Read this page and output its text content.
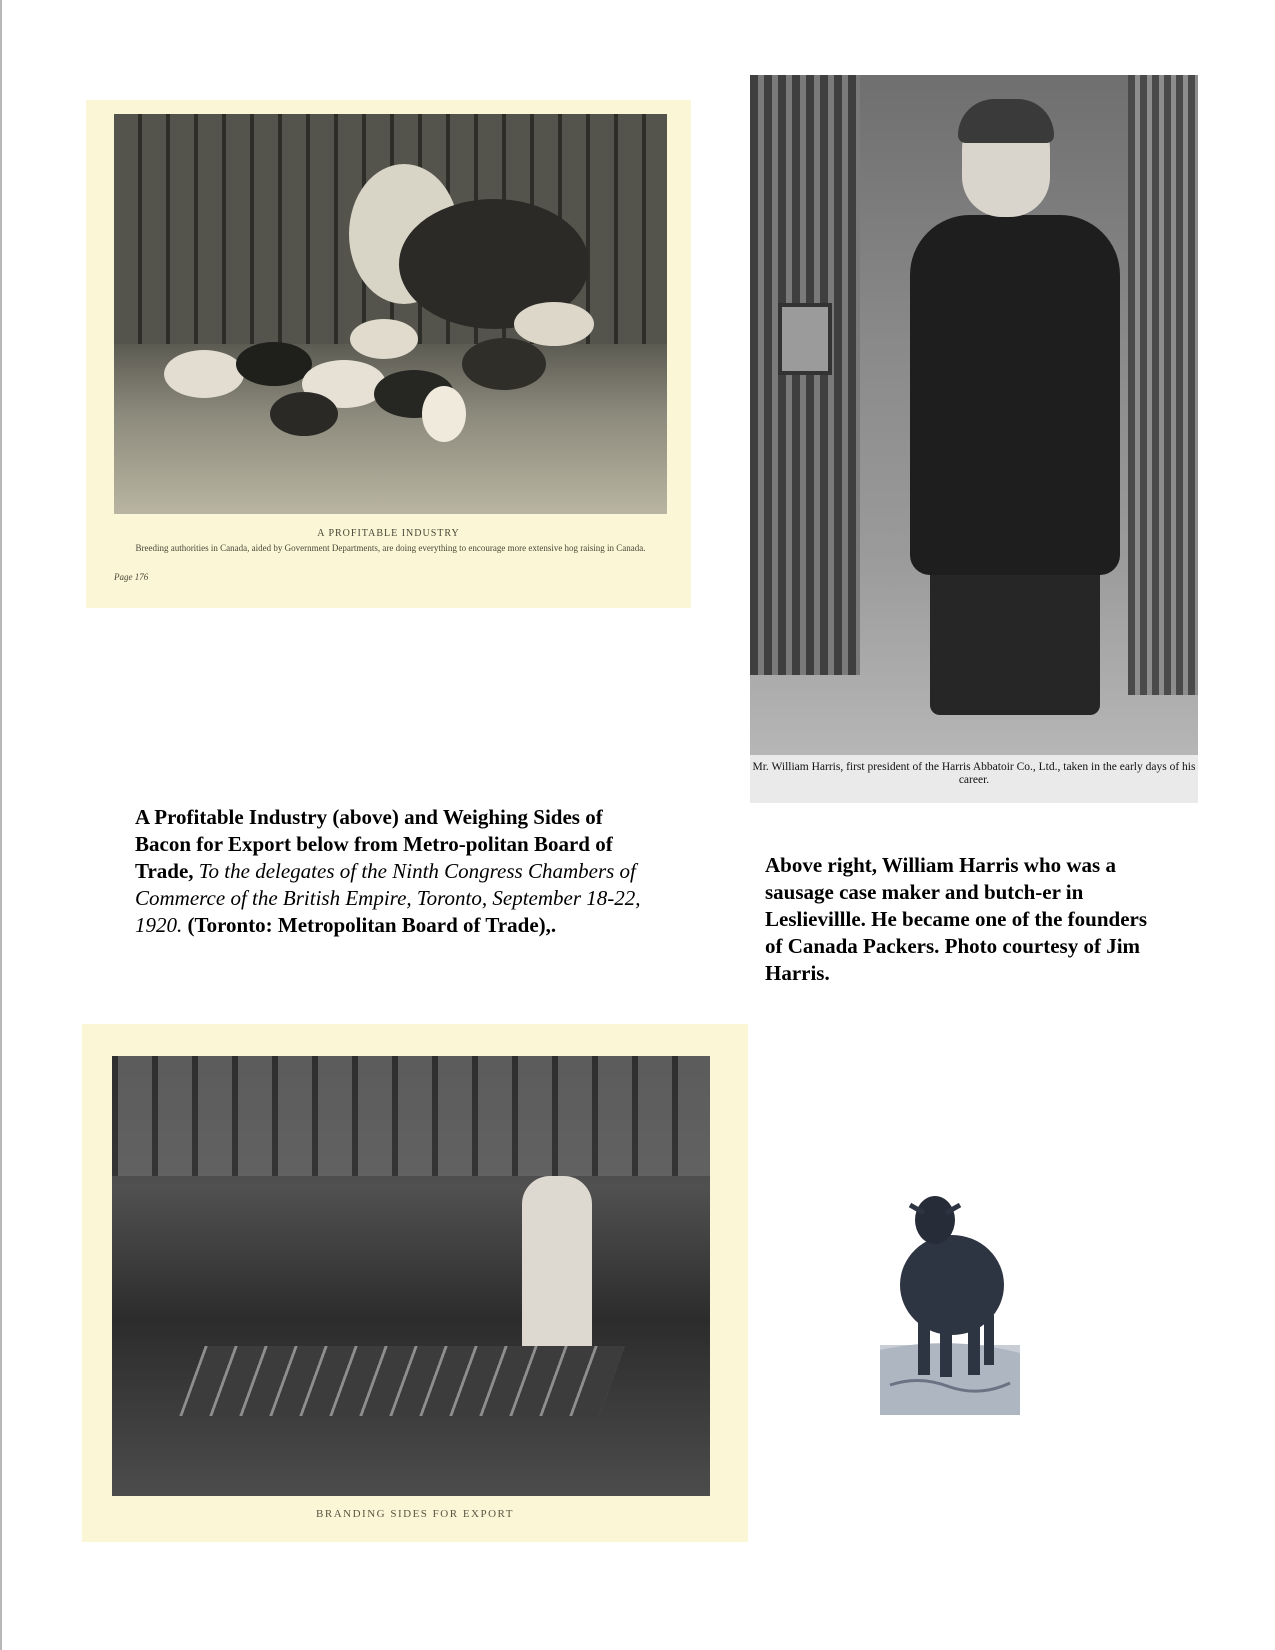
A PROFITABLE INDUSTRY
Breeding authorities in Canada, aided by Government Departments, are doing everything to encourage more extensive hog raising in Canada.
Page 176
Mr. William Harris, first president of the Harris Abbatoir Co., Ltd., taken in the early days of his career.
A Profitable Industry (above) and Weighing Sides of Bacon for Export below from Metro-politan Board of Trade, To the delegates of the Ninth Congress Chambers of Commerce of the British Empire, Toronto, September 18-22, 1920. (Toronto: Metropolitan Board of Trade),.
Above right, William Harris who was a sausage case maker and butch-er in Leslievillle. He became one of the founders of Canada Packers. Photo courtesy of Jim Harris.
BRANDING SIDES FOR EXPORT
